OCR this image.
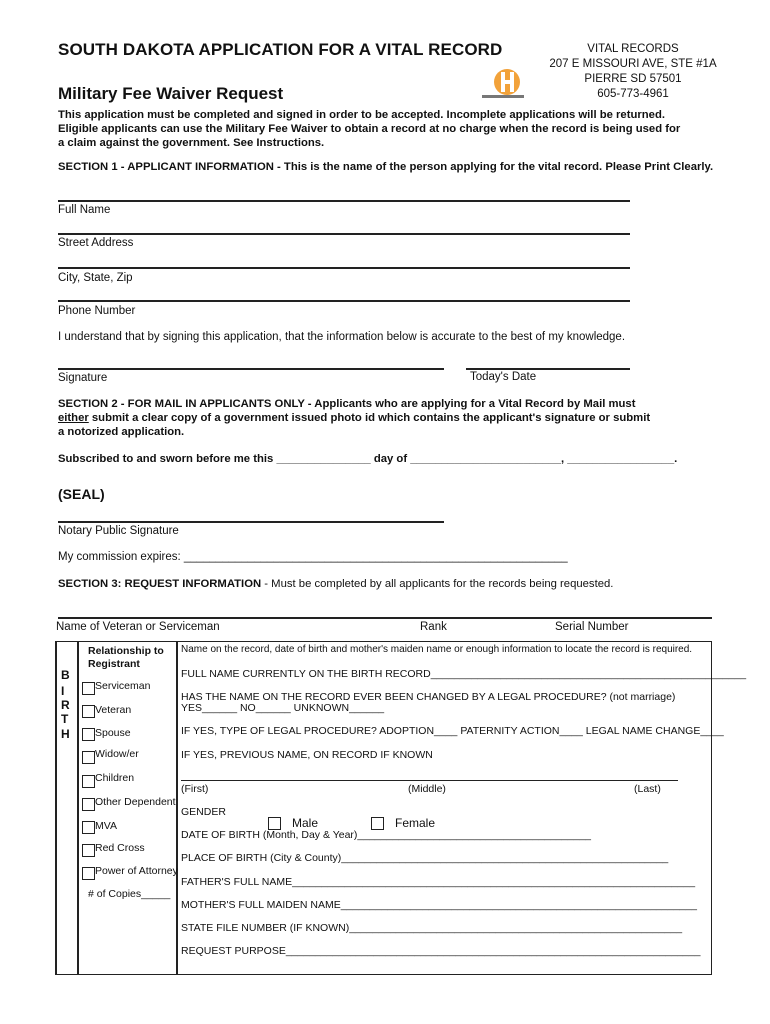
SOUTH DAKOTA APPLICATION FOR A VITAL RECORD
Military Fee Waiver Request
VITAL RECORDS
207 E MISSOURI AVE, STE #1A
PIERRE SD 57501
605-773-4961
This application must be completed and signed in order to be accepted. Incomplete applications will be returned.
Eligible applicants can use the Military Fee Waiver to obtain a record at no charge when the record is being used for
a claim against the government. See Instructions.
SECTION 1 - APPLICANT INFORMATION - This is the name of the person applying for the vital record. Please Print Clearly.
Full Name
Street Address
City, State, Zip
Phone Number
I understand that by signing this application, that the information below is accurate to the best of my knowledge.
Signature	Today's Date
SECTION 2 - FOR MAIL IN APPLICANTS ONLY - Applicants who are applying for a Vital Record by Mail must
either submit a clear copy of a government issued photo id which contains the applicant's signature or submit
a notorized application.
Subscribed to and sworn before me this _______________ day of ________________________, _________________.
(SEAL)
Notary Public Signature
My commission expires: ____________________________________________________________
SECTION 3: REQUEST INFORMATION - Must be completed by all applicants for the records being requested.
Name of Veteran or Serviceman	Rank	Serial Number
B
I
R
T
H
Relationship to
Registrant
Serviceman
Veteran
Spouse
Widow/er
Children
Other Dependent
MVA
Red Cross
Power of Attorney
# of Copies_____
Name on the record, date of birth and mother's maiden name or enough information to locate the record is required.
FULL NAME CURRENTLY ON THE BIRTH RECORD______________________________________________________
HAS THE NAME ON THE RECORD EVER BEEN CHANGED BY A LEGAL PROCEDURE? (not marriage)
YES______ NO______ UNKNOWN______
IF YES, TYPE OF LEGAL PROCEDURE? ADOPTION____ PATERNITY ACTION____ LEGAL NAME CHANGE____
IF YES, PREVIOUS NAME, ON RECORD IF KNOWN
(First)	(Middle)	(Last)
GENDER
Male	Female
DATE OF BIRTH (Month, Day & Year)________________________________________
PLACE OF BIRTH (City & County)________________________________________________________
FATHER'S FULL NAME_____________________________________________________________________
MOTHER'S FULL MAIDEN NAME_____________________________________________________________
STATE FILE NUMBER (IF KNOWN)_________________________________________________________
REQUEST PURPOSE_______________________________________________________________________
